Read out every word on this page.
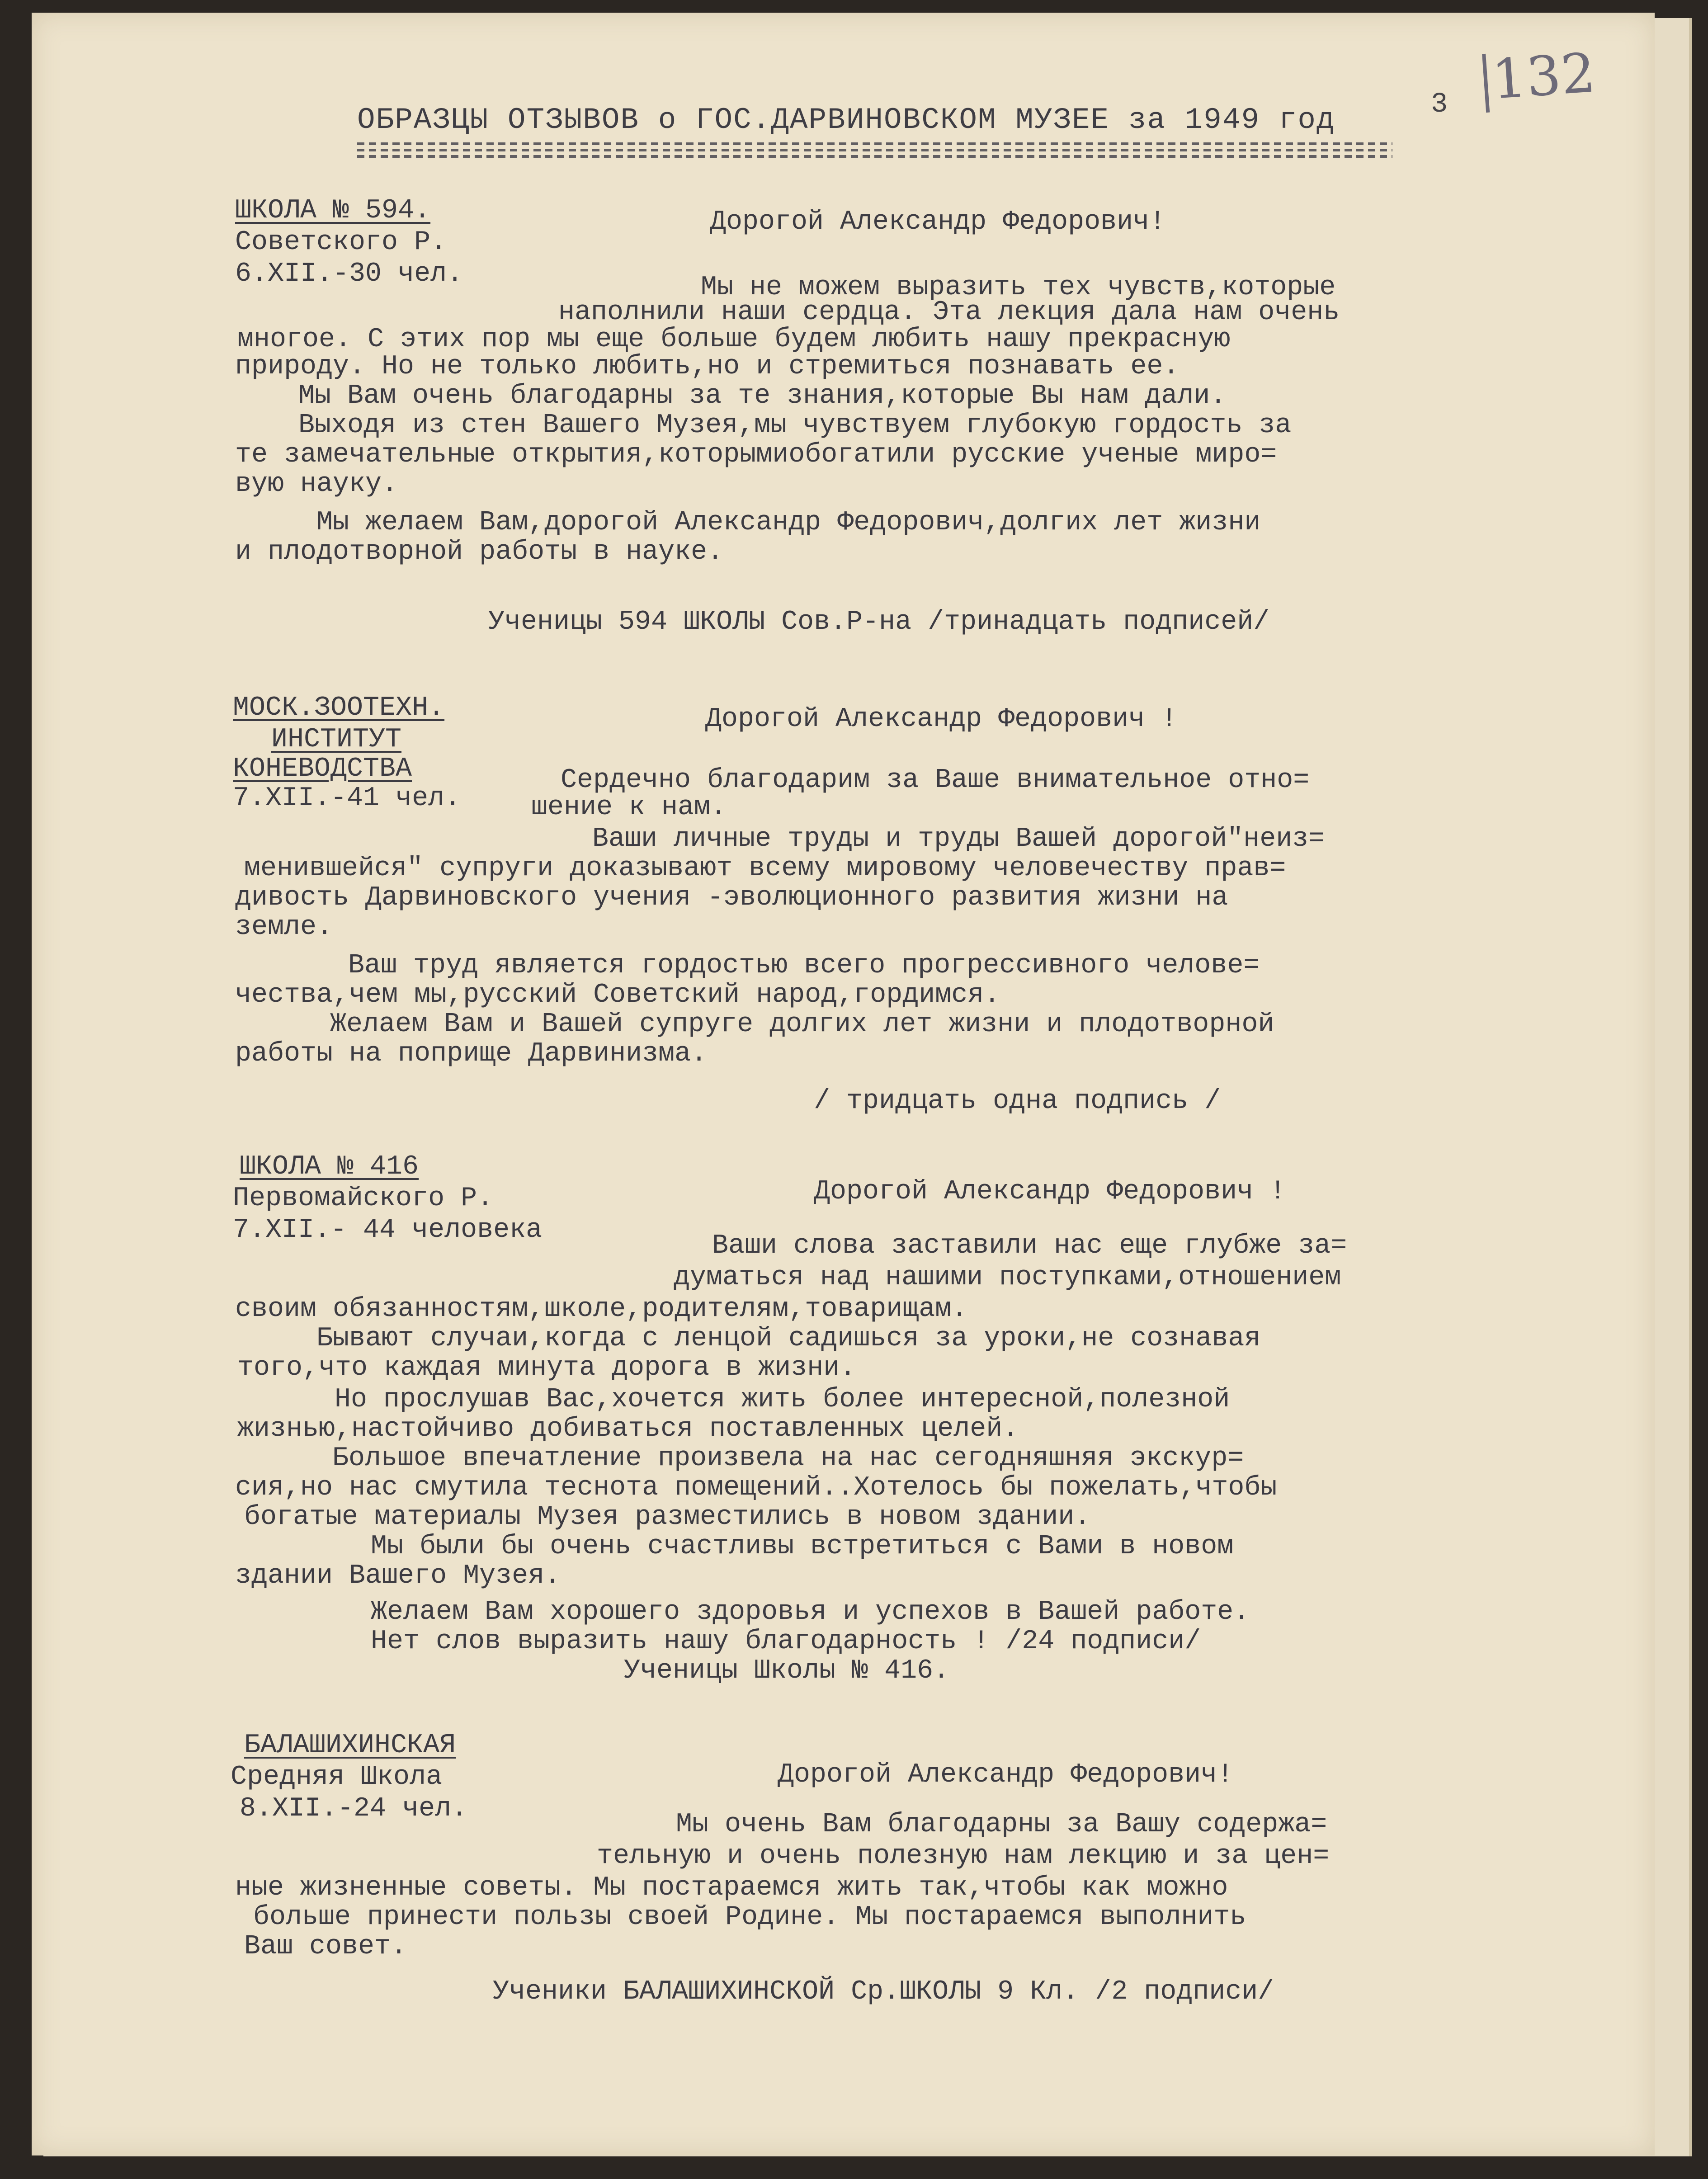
132
3
ОБРАЗЦЫ ОТЗЫВОВ о ГОС.ДАРВИНОВСКОМ МУЗЕЕ за 1949 год
ШКОЛА № 594.
Советского Р.
6.XII.-30 чел.
Дорогой Александр Федорович!
Мы не можем выразить тех чувств,которые
наполнили наши сердца. Эта лекция дала нам очень
многое. С этих пор мы еще больше будем любить нашу прекрасную
природу. Но не только любить,но и стремиться познавать ее.
Мы Вам очень благодарны за те знания,которые Вы нам дали.
Выходя из стен Вашего Музея,мы чувствуем глубокую гордость за
те замечательные открытия,которымиобогатили русские ученые миро=
вую науку.
Мы желаем Вам,дорогой Александр Федорович,долгих лет жизни
и плодотворной работы в науке.
Ученицы 594 ШКОЛЫ Сов.Р-на /тринадцать подписей/
МОСК.ЗООТЕХН.
ИНСТИТУТ
КОНЕВОДСТВА
7.XII.-41 чел.
Дорогой Александр Федорович !
Сердечно благодарим за Ваше внимательное отно=
шение к нам.
Ваши личные труды и труды Вашей дорогой"неиз=
менившейся" супруги доказывают всему мировому человечеству прав=
дивость Дарвиновского учения -эволюционного развития жизни на
земле.
Ваш труд является гордостью всего прогрессивного челове=
чества,чем мы,русский Советский народ,гордимся.
Желаем Вам и Вашей супруге долгих лет жизни и плодотворной
работы на поприще Дарвинизма.
/ тридцать одна подпись /
ШКОЛА № 416
Первомайского Р.
7.XII.- 44 человека
Дорогой Александр Федорович !
Ваши слова заставили нас еще глубже за=
думаться над нашими поступками,отношением
своим обязанностям,школе,родителям,товарищам.
Бывают случаи,когда с ленцой садишься за уроки,не сознавая
того,что каждая минута дорога в жизни.
Но прослушав Вас,хочется жить более интересной,полезной
жизнью,настойчиво добиваться поставленных целей.
Большое впечатление произвела на нас сегодняшняя экскур=
сия,но нас смутила теснота помещений..Хотелось бы пожелать,чтобы
богатые материалы Музея разместились в новом здании.
Мы были бы очень счастливы встретиться с Вами в новом
здании Вашего Музея.
Желаем Вам хорошего здоровья и успехов в Вашей работе.
Нет слов выразить нашу благодарность ! /24 подписи/
Ученицы Школы № 416.
БАЛАШИХИНСКАЯ
Средняя Школа
8.XII.-24 чел.
Дорогой Александр Федорович!
Мы очень Вам благодарны за Вашу содержа=
тельную и очень полезную нам лекцию и за цен=
ные жизненные советы. Мы постараемся жить так,чтобы как можно
больше принести пользы своей Родине. Мы постараемся выполнить
Ваш совет.
Ученики БАЛАШИХИНСКОЙ Ср.ШКОЛЫ 9 Кл. /2 подписи/
